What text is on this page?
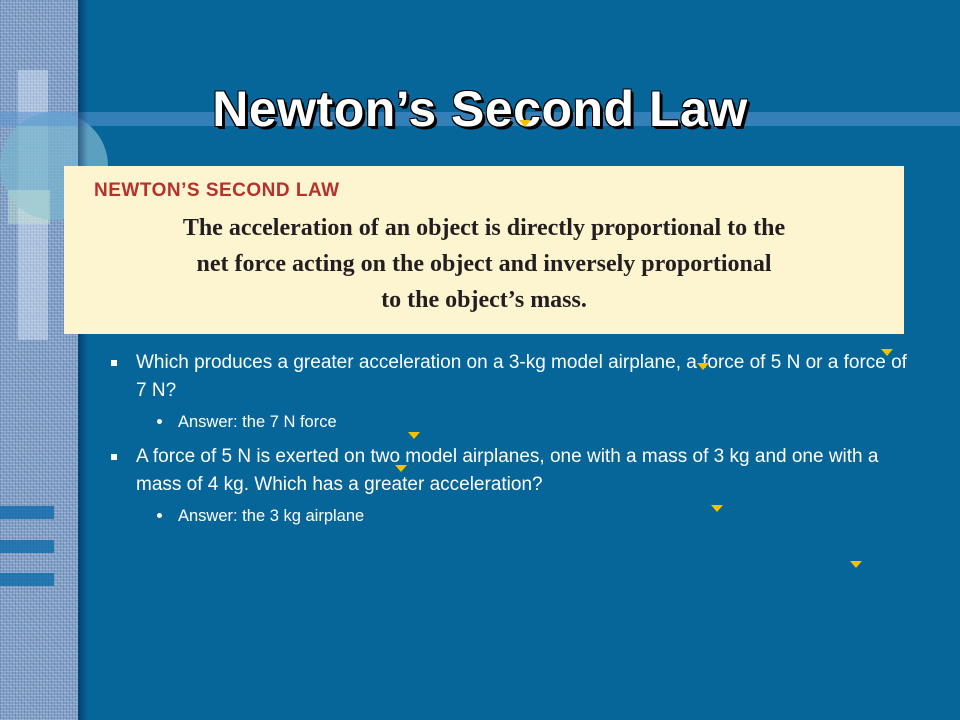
Newton’s Second Law
NEWTON’S SECOND LAW
The acceleration of an object is directly proportional to the
net force acting on the object and inversely proportional
to the object’s mass.
Which produces a greater acceleration on a 3-kg model airplane, a force of 5 N or a force of 7 N?
Answer: the 7 N force
A force of 5 N is exerted on two model airplanes, one with a mass of 3 kg and one with a mass of 4 kg. Which has a greater acceleration?
Answer: the 3 kg airplane
